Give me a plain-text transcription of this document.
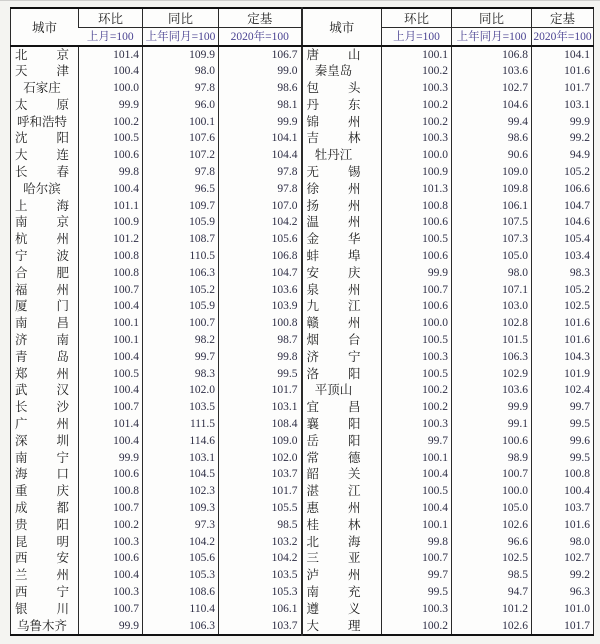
城市	环比	同比	定基	城市	环比	同比	定基
	上月=100	上年同月=100	2020年=100		上月=100	上年同月=100	2020年=100

北京	101.4	109.9	106.7	唐山	100.1	106.8	104.1

天津	100.4	98.0	99.0	秦皇岛	100.2	103.6	101.6

石家庄	100.0	97.8	98.6	包头	100.3	102.7	101.7

太原	99.9	96.0	98.1	丹东	100.2	104.6	103.1

呼和浩特	100.2	100.1	99.9	锦州	100.2	99.4	99.9

沈阳	100.5	107.6	104.1	吉林	100.3	98.6	99.2

大连	100.6	107.2	104.4	牡丹江	100.0	90.6	94.9

长春	99.8	97.8	97.8	无锡	100.9	109.0	105.2

哈尔滨	100.4	96.5	97.8	徐州	101.3	109.8	106.6

上海	101.1	109.7	107.0	扬州	100.8	106.1	104.7

南京	100.9	105.9	104.2	温州	100.6	107.5	104.6

杭州	101.2	108.7	105.6	金华	100.5	107.3	105.4

宁波	100.8	110.5	106.8	蚌埠	100.6	105.0	103.4

合肥	100.8	106.3	104.7	安庆	99.9	98.0	98.3

福州	100.7	105.2	103.6	泉州	100.7	107.1	105.2

厦门	100.4	105.9	103.9	九江	100.6	103.0	102.5

南昌	100.1	100.7	100.8	赣州	100.0	102.8	101.6

济南	100.1	98.2	98.7	烟台	100.5	101.5	101.6

青岛	100.4	99.7	99.8	济宁	100.3	106.3	104.3

郑州	100.5	98.3	99.5	洛阳	100.5	102.9	101.9

武汉	100.4	102.0	101.7	平顶山	100.2	103.6	102.4

长沙	100.7	103.5	103.1	宜昌	100.2	99.9	99.7

广州	101.4	111.5	108.4	襄阳	100.3	99.1	99.5

深圳	100.4	114.6	109.0	岳阳	99.7	100.6	99.6

南宁	99.9	103.1	102.0	常德	100.1	98.9	99.5

海口	100.6	104.5	103.7	韶关	100.4	100.7	100.8

重庆	100.8	102.3	101.7	湛江	100.5	100.0	100.4

成都	100.7	109.3	105.5	惠州	100.4	105.0	103.7

贵阳	100.2	97.3	98.5	桂林	100.1	102.6	101.6

昆明	100.3	104.2	103.2	北海	99.8	96.6	98.0

西安	100.6	105.6	104.2	三亚	100.7	102.5	102.7

兰州	100.4	105.3	103.5	泸州	99.7	98.5	99.2

西宁	100.3	108.6	105.3	南充	99.5	94.7	96.3

银川	100.7	110.4	106.1	遵义	100.3	101.2	101.0

乌鲁木齐	99.9	106.3	103.7	大理	100.2	102.6	101.7
